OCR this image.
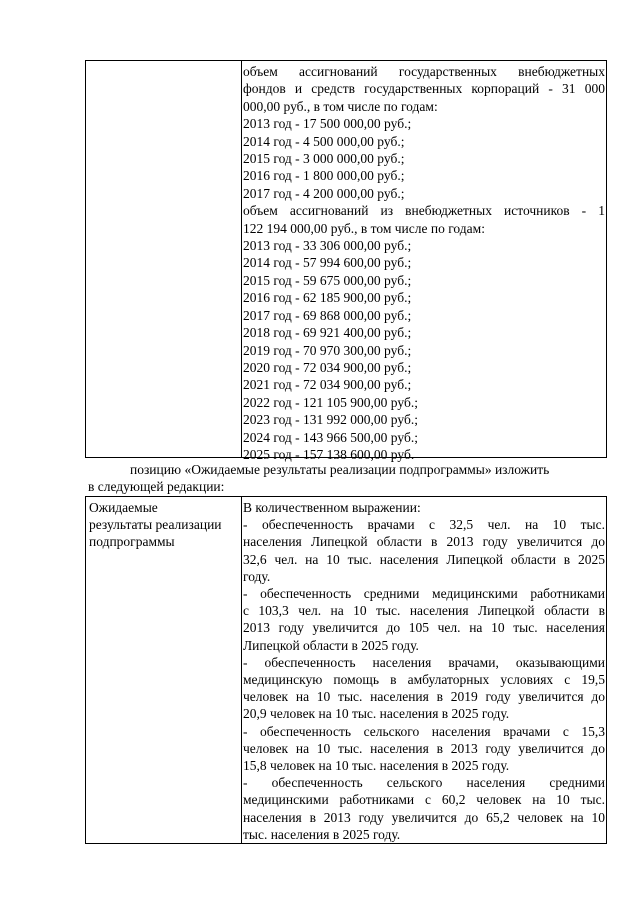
объем ассигнований государственных внебюджетных
фондов и средств государственных корпораций - 31 000
000,00 руб., в том числе по годам:
2013 год - 17 500 000,00 руб.;
2014 год - 4 500 000,00 руб.;
2015 год - 3 000 000,00 руб.;
2016 год - 1 800 000,00 руб.;
2017 год - 4 200 000,00 руб.;
объем ассигнований из внебюджетных источников - 1
122 194 000,00 руб., в том числе по годам:
2013 год - 33 306 000,00 руб.;
2014 год - 57 994 600,00 руб.;
2015 год - 59 675 000,00 руб.;
2016 год - 62 185 900,00 руб.;
2017 год - 69 868 000,00 руб.;
2018 год - 69 921 400,00 руб.;
2019 год - 70 970 300,00 руб.;
2020 год - 72 034 900,00 руб.;
2021 год - 72 034 900,00 руб.;
2022 год - 121 105 900,00 руб.;
2023 год - 131 992 000,00 руб.;
2024 год - 143 966 500,00 руб.;
2025 год - 157 138 600,00 руб.
позицию «Ожидаемые результаты реализации подпрограммы» изложить
в следующей редакции:
Ожидаемые
результаты реализации
подпрограммы
В количественном выражении:
- обеспеченность врачами с 32,5 чел. на 10 тыс.
населения Липецкой области в 2013 году увеличится до
32,6 чел. на 10 тыс. населения Липецкой области в 2025
году.
- обеспеченность средними медицинскими работниками
с 103,3 чел. на 10 тыс. населения Липецкой области в
2013 году увеличится до 105 чел. на 10 тыс. населения
Липецкой области в 2025 году.
- обеспеченность населения врачами, оказывающими
медицинскую помощь в амбулаторных условиях с 19,5
человек на 10 тыс. населения в 2019 году увеличится до
20,9 человек на 10 тыс. населения в 2025 году.
- обеспеченность сельского населения врачами с 15,3
человек на 10 тыс. населения в 2013 году увеличится до
15,8 человек на 10 тыс. населения в 2025 году.
- обеспеченность сельского населения средними
медицинскими работниками с 60,2 человек на 10 тыс.
населения в 2013 году увеличится до 65,2 человек на 10
тыс. населения в 2025 году.
